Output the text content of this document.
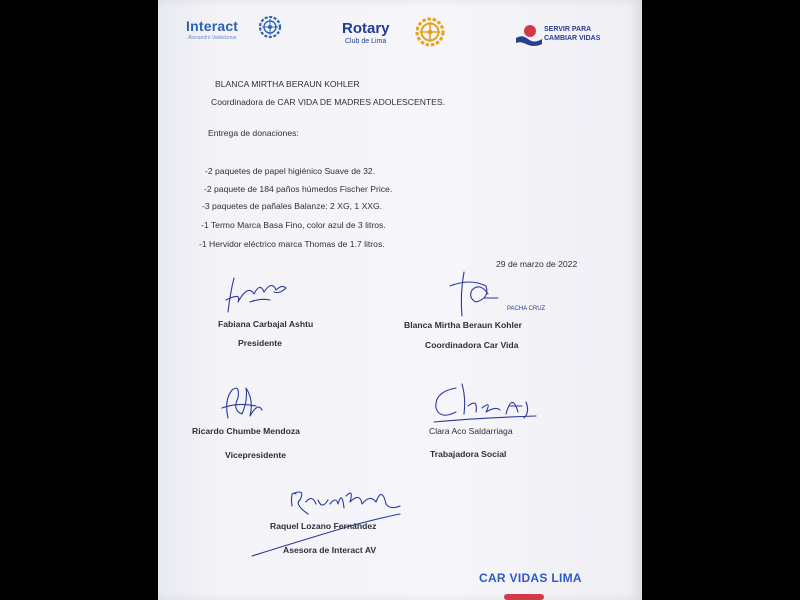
Interact
Alexandro Valdelomar
Rotary
Club de Lima
SERVIR PARA
CAMBIAR VIDAS
BLANCA MIRTHA BERAUN KOHLER
Coordinadora de CAR VIDA DE MADRES ADOLESCENTES.
Entrega de donaciones:
-2 paquetes de papel higiénico Suave de 32.
-2 paquete de 184 paños húmedos Fischer Price.
-3 paquetes de pañales Balanze: 2 XG, 1 XXG.
-1 Termo Marca Basa Fino, color azul de 3 litros.
-1 Hervidor eléctrico marca Thomas de 1.7 litros.
29 de marzo de 2022
Fabiana Carbajal Ashtu
Presidente
PACHA CRUZ
Blanca Mirtha Beraun Kohler
Coordinadora Car Vida
Ricardo Chumbe Mendoza
Vicepresidente
Clara Aco Saldarriaga
Trabajadora Social
Raquel Lozano Fernández
Asesora de Interact AV
CAR VIDAS LIMA
